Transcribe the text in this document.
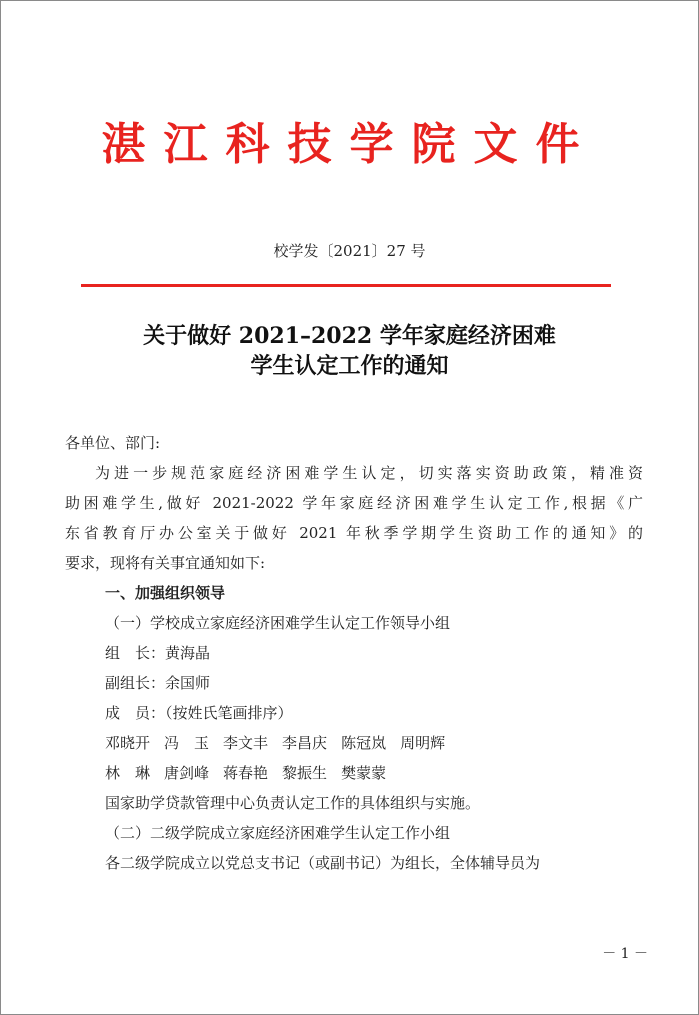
湛江科技学院文件
校学发〔2021〕27 号
关于做好 2021–2022 学年家庭经济困难
学生认定工作的通知
各单位、部门:
为进一步规范家庭经济困难学生认定，切实落实资助政策，精准资
助困难学生,做好 2021-2022 学年家庭经济困难学生认定工作,根据《广
东省教育厅办公室关于做好 2021 年秋季学期学生资助工作的通知》的
要求，现将有关事宜通知如下:
一、加强组织领导
（一）学校成立家庭经济困难学生认定工作领导小组
组　长：黄海晶
副组长：余国师
成　员：（按姓氏笔画排序）
邓晓开 冯　玉 李文丰 李昌庆 陈冠岚 周明辉
林　琳 唐剑峰 蒋春艳 黎振生 樊蒙蒙
国家助学贷款管理中心负责认定工作的具体组织与实施。
（二）二级学院成立家庭经济困难学生认定工作小组
各二级学院成立以党总支书记（或副书记）为组长，全体辅导员为
－ 1 －
